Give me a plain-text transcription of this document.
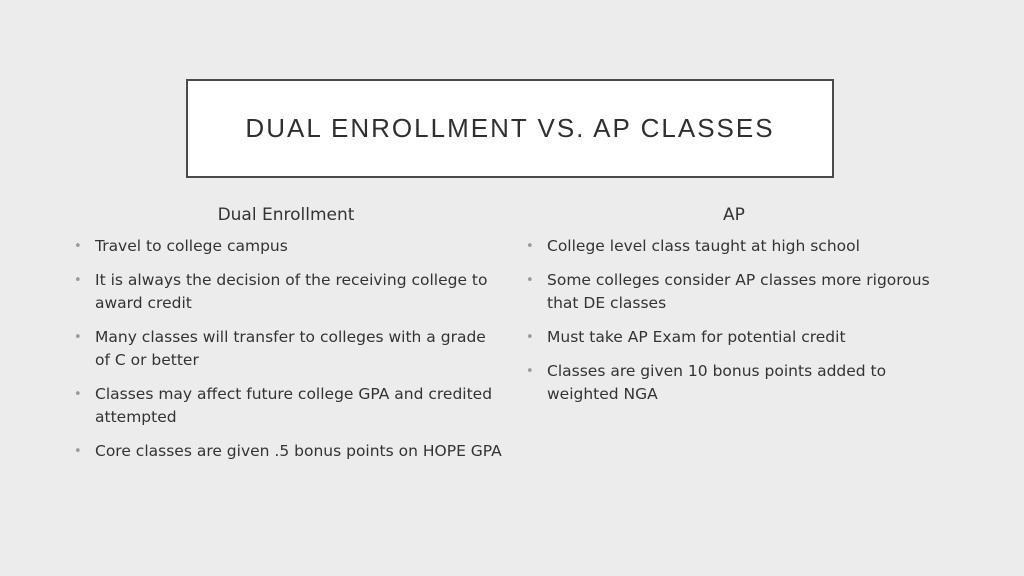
DUAL ENROLLMENT VS. AP CLASSES
Dual Enrollment
• Travel to college campus
• It is always the decision of the receiving college to award credit
• Many classes will transfer to colleges with a grade of C or better
• Classes may affect future college GPA and credited attempted
• Core classes are given .5 bonus points on HOPE GPA
AP
• College level class taught at high school
• Some colleges consider AP classes more rigorous that DE classes
• Must take AP Exam for potential credit
• Classes are given 10 bonus points added to weighted NGA
